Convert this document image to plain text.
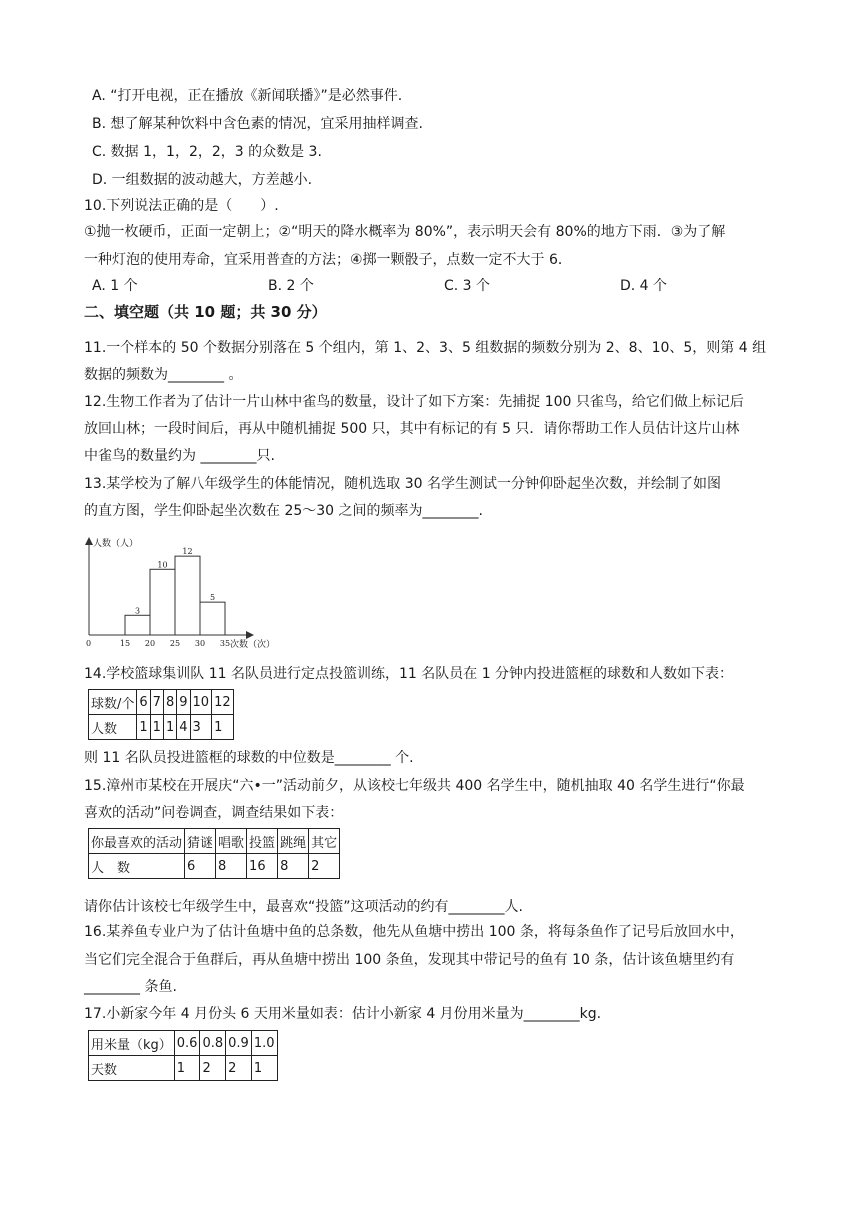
A. “打开电视，正在播放《新闻联播》”是必然事件.
B. 想了解某种饮料中含色素的情况，宜采用抽样调查.
C. 数据 1，1，2，2，3 的众数是 3.
D. 一组数据的波动越大，方差越小.
10.下列说法正确的是（　　）.
①抛一枚硬币，正面一定朝上；②“明天的降水概率为 80%”，表示明天会有 80%的地方下雨．③为了解
一种灯泡的使用寿命，宜采用普查的方法；④掷一颗骰子，点数一定不大于 6．
A. 1 个	B. 2 个	C. 3 个	D. 4 个
二、填空题（共 10 题；共 30 分）
11.一个样本的 50 个数据分别落在 5 个组内，第 1、2、3、5 组数据的频数分别为 2、8、10、5，则第 4 组
数据的频数为________ 。
12.生物工作者为了估计一片山林中雀鸟的数量，设计了如下方案：先捕捉 100 只雀鸟，给它们做上标记后
放回山林；一段时间后，再从中随机捕捉 500 只，其中有标记的有 5 只．请你帮助工作人员估计这片山林
中雀鸟的数量约为 ________只.
13.某学校为了解八年级学生的体能情况，随机选取 30 名学生测试一分钟仰卧起坐次数，并绘制了如图
的直方图，学生仰卧起坐次数在 25～30 之间的频率为________.
人数（人）
次数（次）
0
3
10
12
5
15 20 25 30 35
14.学校篮球集训队 11 名队员进行定点投篮训练，11 名队员在 1 分钟内投进篮框的球数和人数如下表：
球数/个	6	7	8	9	10	12
人数	1	1	1	4	3	1
则 11 名队员投进篮框的球数的中位数是________ 个.
15.漳州市某校在开展庆“六•一”活动前夕，从该校七年级共 400 名学生中，随机抽取 40 名学生进行“你最
喜欢的活动”问卷调查，调查结果如下表：
你最喜欢的活动	猜谜	唱歌	投篮	跳绳	其它
人　数	6	8	16	8	2
请你估计该校七年级学生中，最喜欢“投篮”这项活动的约有________人.
16.某养鱼专业户为了估计鱼塘中鱼的总条数，他先从鱼塘中捞出 100 条，将每条鱼作了记号后放回水中，
当它们完全混合于鱼群后，再从鱼塘中捞出 100 条鱼，发现其中带记号的鱼有 10 条，估计该鱼塘里约有
________ 条鱼.
17.小新家今年 4 月份头 6 天用米量如表：估计小新家 4 月份用米量为________kg.
用米量（kg）	0.6	0.8	0.9	1.0
天数	1	2	2	1
